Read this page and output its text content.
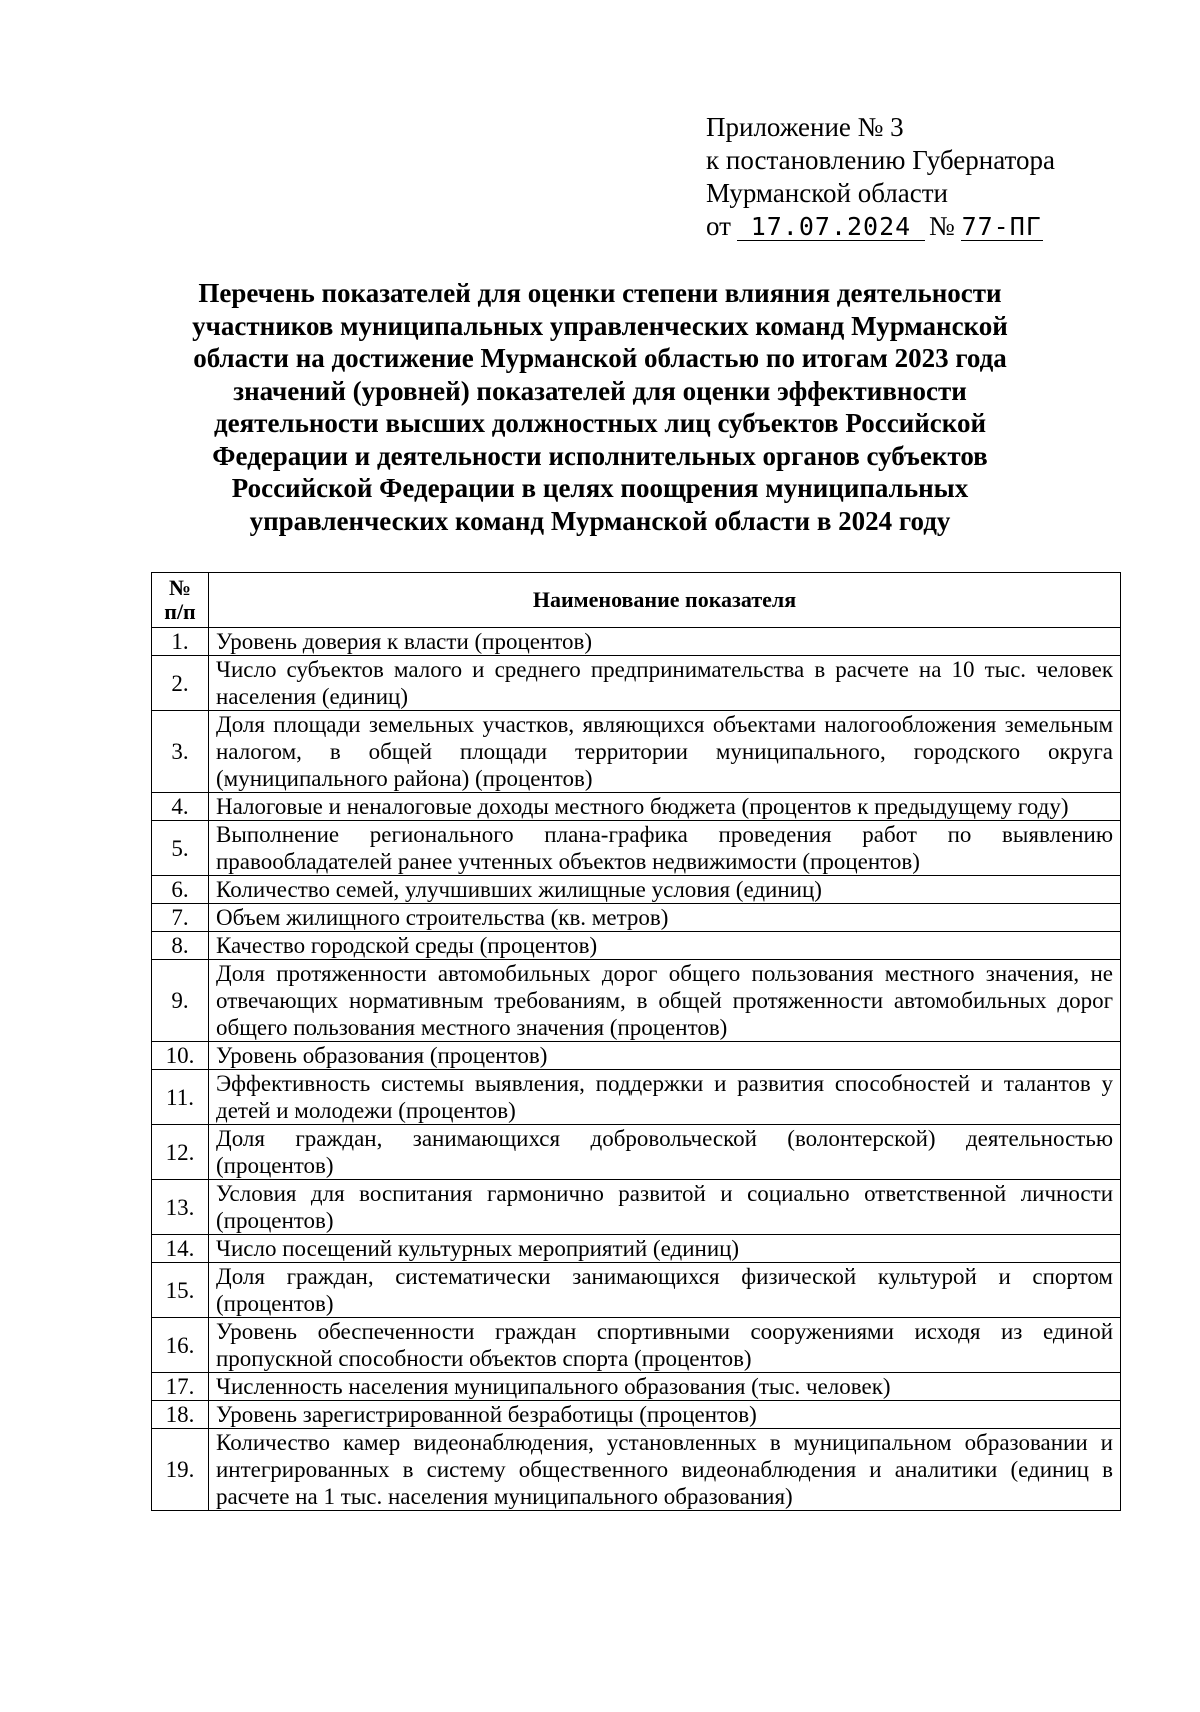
Приложение № 3
к постановлению Губернатора
Мурманской области
от 17.07.2024 № 77-ПГ
Перечень показателей для оценки степени влияния деятельности участников муниципальных управленческих команд Мурманской области на достижение Мурманской областью по итогам 2023 года значений (уровней) показателей для оценки эффективности деятельности высших должностных лиц субъектов Российской Федерации и деятельности исполнительных органов субъектов Российской Федерации в целях поощрения муниципальных управленческих команд Мурманской области в 2024 году
№ п/п	Наименование показателя
1.	Уровень доверия к власти (процентов)
2.	Число субъектов малого и среднего предпринимательства в расчете на 10 тыс. человек населения (единиц)
3.	Доля площади земельных участков, являющихся объектами налогообложения земельным налогом, в общей площади территории муниципального, городского округа (муниципального района) (процентов)
4.	Налоговые и неналоговые доходы местного бюджета (процентов к предыдущему году)
5.	Выполнение регионального плана-графика проведения работ по выявлению правообладателей ранее учтенных объектов недвижимости (процентов)
6.	Количество семей, улучшивших жилищные условия (единиц)
7.	Объем жилищного строительства (кв. метров)
8.	Качество городской среды (процентов)
9.	Доля протяженности автомобильных дорог общего пользования местного значения, не отвечающих нормативным требованиям, в общей протяженности автомобильных дорог общего пользования местного значения (процентов)
10.	Уровень образования (процентов)
11.	Эффективность системы выявления, поддержки и развития способностей и талантов у детей и молодежи (процентов)
12.	Доля граждан, занимающихся добровольческой (волонтерской) деятельностью (процентов)
13.	Условия для воспитания гармонично развитой и социально ответственной личности (процентов)
14.	Число посещений культурных мероприятий (единиц)
15.	Доля граждан, систематически занимающихся физической культурой и спортом (процентов)
16.	Уровень обеспеченности граждан спортивными сооружениями исходя из единой пропускной способности объектов спорта (процентов)
17.	Численность населения муниципального образования (тыс. человек)
18.	Уровень зарегистрированной безработицы (процентов)
19.	Количество камер видеонаблюдения, установленных в муниципальном образовании и интегрированных в систему общественного видеонаблюдения и аналитики (единиц в расчете на 1 тыс. населения муниципального образования)
